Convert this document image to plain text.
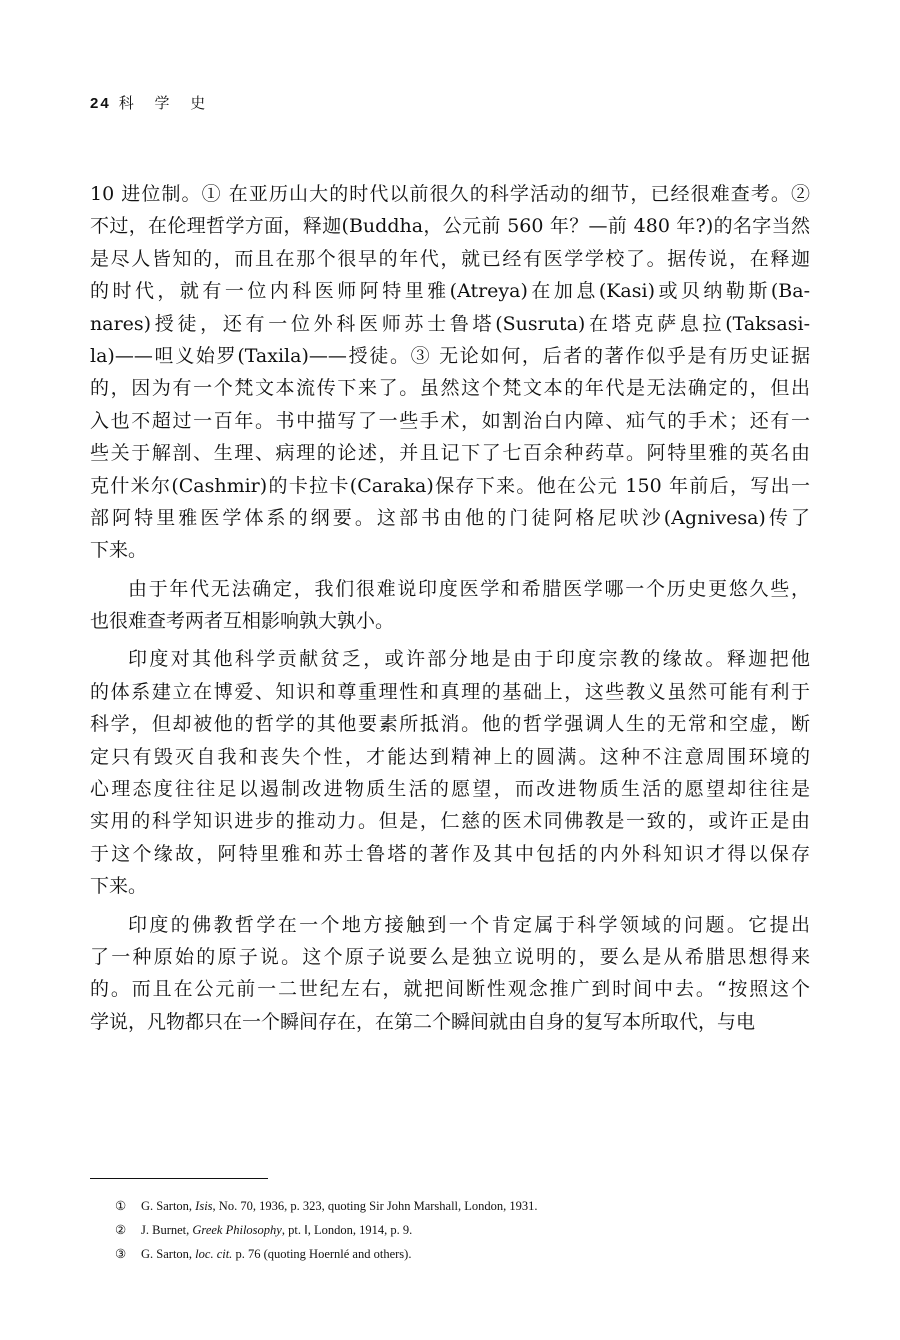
24 科 学 史
10 进位制。① 在亚历山大的时代以前很久的科学活动的细节，已经很难查考。②
不过，在伦理哲学方面，释迦(Buddha，公元前 560 年？—前 480 年?)的名字当然
是尽人皆知的，而且在那个很早的年代，就已经有医学学校了。据传说，在释迦
的时代，就有一位内科医师阿特里雅(Atreya)在加息(Kasi)或贝纳勒斯(Ba-
nares)授徒，还有一位外科医师苏士鲁塔(Susruta)在塔克萨息拉(Taksasi-
la)——呾义始罗(Taxila)——授徒。③ 无论如何，后者的著作似乎是有历史证据
的，因为有一个梵文本流传下来了。虽然这个梵文本的年代是无法确定的，但出
入也不超过一百年。书中描写了一些手术，如割治白内障、疝气的手术；还有一
些关于解剖、生理、病理的论述，并且记下了七百余种药草。阿特里雅的英名由
克什米尔(Cashmir)的卡拉卡(Caraka)保存下来。他在公元 150 年前后，写出一
部阿特里雅医学体系的纲要。这部书由他的门徒阿格尼吠沙(Agnivesa)传了
下来。
由于年代无法确定，我们很难说印度医学和希腊医学哪一个历史更悠久些，
也很难查考两者互相影响孰大孰小。
印度对其他科学贡献贫乏，或许部分地是由于印度宗教的缘故。释迦把他
的体系建立在博爱、知识和尊重理性和真理的基础上，这些教义虽然可能有利于
科学，但却被他的哲学的其他要素所抵消。他的哲学强调人生的无常和空虚，断
定只有毁灭自我和丧失个性，才能达到精神上的圆满。这种不注意周围环境的
心理态度往往足以遏制改进物质生活的愿望，而改进物质生活的愿望却往往是
实用的科学知识进步的推动力。但是，仁慈的医术同佛教是一致的，或许正是由
于这个缘故，阿特里雅和苏士鲁塔的著作及其中包括的内外科知识才得以保存
下来。
印度的佛教哲学在一个地方接触到一个肯定属于科学领域的问题。它提出
了一种原始的原子说。这个原子说要么是独立说明的，要么是从希腊思想得来
的。而且在公元前一二世纪左右，就把间断性观念推广到时间中去。“按照这个
学说，凡物都只在一个瞬间存在，在第二个瞬间就由自身的复写本所取代，与电
① G. Sarton, Isis, No. 70, 1936, p. 323, quoting Sir John Marshall, London, 1931.
② J. Burnet, Greek Philosophy, pt. Ⅰ, London, 1914, p. 9.
③ G. Sarton, loc. cit. p. 76 (quoting Hoernlé and others).
